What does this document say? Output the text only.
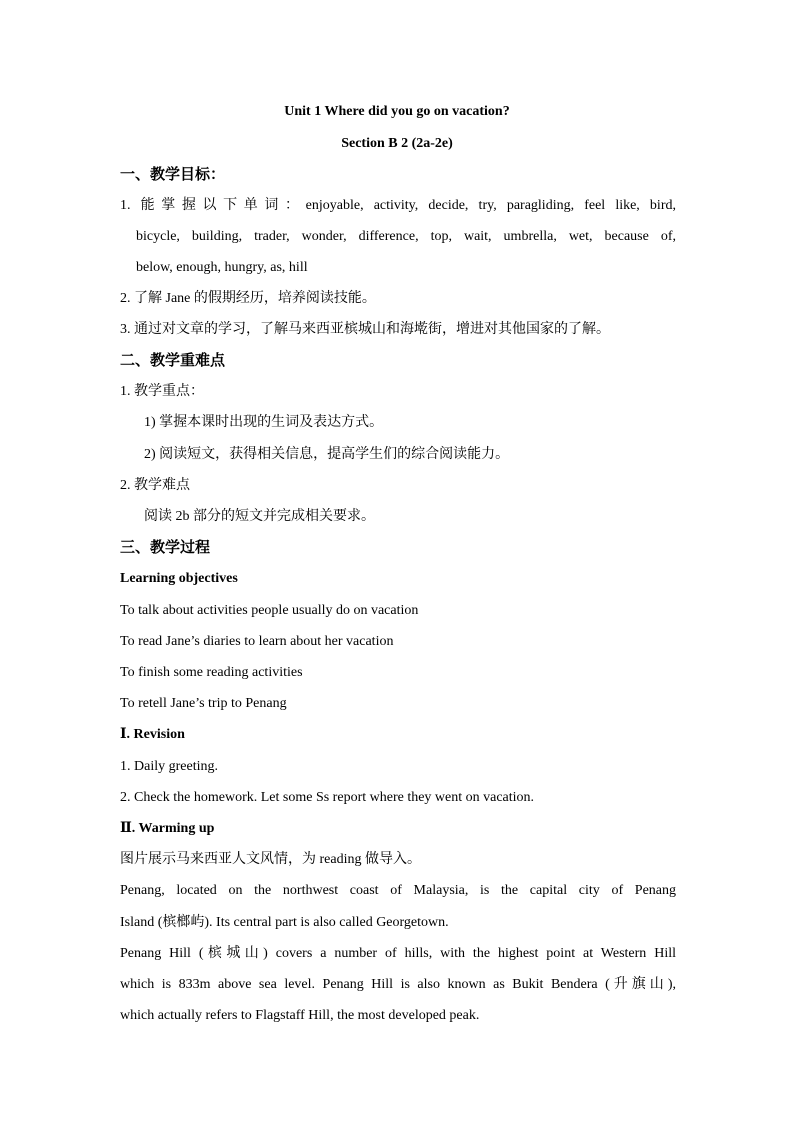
Unit 1 Where did you go on vacation?
Section B 2 (2a-2e)
一、教学目标：
1. 能掌握以下单词：enjoyable, activity, decide, try, paragliding, feel like, bird,
bicycle, building, trader, wonder, difference, top, wait, umbrella, wet, because of,
below, enough, hungry, as, hill
2. 了解 Jane 的假期经历，培养阅读技能。
3. 通过对文章的学习，了解马来西亚槟城山和海墘街，增进对其他国家的了解。
二、教学重难点
1. 教学重点：
1) 掌握本课时出现的生词及表达方式。
2) 阅读短文，获得相关信息，提高学生们的综合阅读能力。
2. 教学难点
阅读 2b 部分的短文并完成相关要求。
三、教学过程
Learning objectives
To talk about activities people usually do on vacation
To read Jane’s diaries to learn about her vacation
To finish some reading activities
To retell Jane’s trip to Penang
Ⅰ. Revision
1. Daily greeting.
2. Check the homework. Let some Ss report where they went on vacation.
Ⅱ. Warming up
图片展示马来西亚人文风情，为 reading 做导入。
Penang, located on the northwest coast of Malaysia, is the capital city of Penang
Island (槟榔屿). Its central part is also called Georgetown.
Penang Hill (槟城山) covers a number of hills, with the highest point at Western Hill
which is 833m above sea level. Penang Hill is also known as Bukit Bendera (升旗山),
which actually refers to Flagstaff Hill, the most developed peak.
